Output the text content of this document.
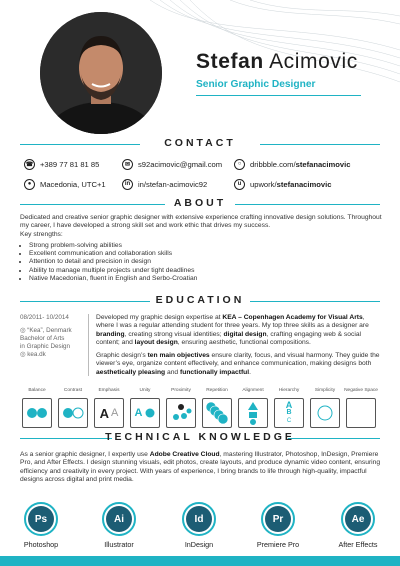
Stefan Acimovic
Senior Graphic Designer
CONTACT
☎ +389 77 81 81 85	✉	s92acimovic@gmail.com	○	dribbble.com/ stefanacimovic
●	Macedonia, UTC+1	in	in/stefan-acimovic92	u	upwork/ stefanacimovic
ABOUT
Dedicated and creative senior graphic designer with extensive experience crafting innovative design solutions. Throughout my career, I have developed a strong skill set and work ethic that drives my success.
Key strengths:
• Strong problem-solving abilities
• Excellent communication and collaboration skills
• Attention to detail and precision in design
• Ability to manage multiple projects under tight deadlines
• Native Macedonian, fluent in English and Serbo-Croatian
EDUCATION
08/2011- 10/2014
◎ “Kea”, Denmark
Bachelor of Arts
in Graphic Design
◎ kea.dk
Developed my graphic design expertise at KEA – Copenhagen Academy for Visual Arts, where I was a regular attending student for three years. My top three skills as a designer are branding, creating strong visual identities; digital design, crafting engaging web & social content; and layout design, ensuring aesthetic, functional compositions.
Graphic design’s ten main objectives ensure clarity, focus, and visual harmony. They guide the viewer’s eye, organize content effectively, and enhance communication, making designs both aesthetically pleasing and functionally impactful.
Balance	Contrast	Emphasis	Unity	Proximity	Repetition	Alignment	Hierarchy	Simplicity	Negative Space
A A A
A
B
C
TECHNICAL KNOWLEDGE
As a senior graphic designer, I expertly use Adobe Creative Cloud, mastering Illustrator, Photoshop, InDesign, Premiere Pro, and After Effects. I design stunning visuals, edit photos, create layouts, and produce dynamic video content, ensuring efficiency and creativity in every project. With years of experience, I bring brands to life through high-quality, impactful designs across digital and print media.
Ps
Photoshop
Ai
Illustrator
Id
InDesign
Pr
Premiere Pro
Ae
After Effects
